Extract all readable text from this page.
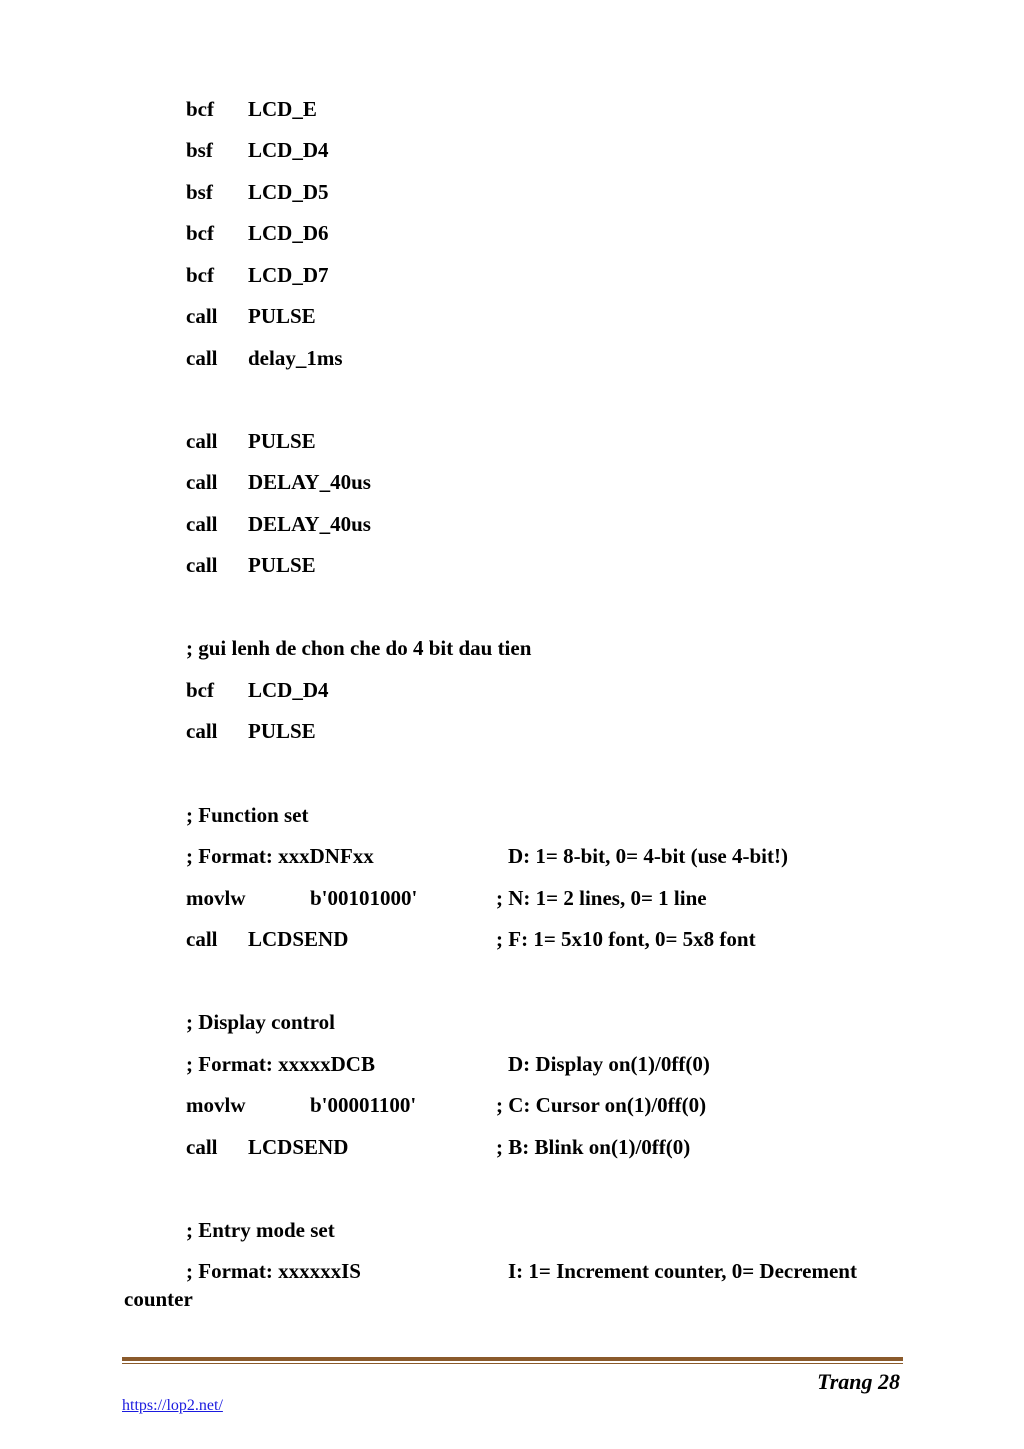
bcf LCD_E
bsf LCD_D4
bsf LCD_D5
bcf LCD_D6
bcf LCD_D7
call PULSE
call delay_1ms
call PULSE
call DELAY_40us
call DELAY_40us
call PULSE
; gui lenh de chon che do 4 bit dau tien
bcf LCD_D4
call PULSE
; Function set
; Format: xxxDNFxx	D: 1= 8-bit, 0= 4-bit (use 4-bit!)
movlw	b'00101000'	; N: 1= 2 lines, 0= 1 line
call LCDSEND	; F: 1= 5x10 font, 0= 5x8 font
; Display control
; Format: xxxxxDCB	D: Display on(1)/0ff(0)
movlw	b'00001100'	; C: Cursor on(1)/0ff(0)
call LCDSEND	; B: Blink on(1)/0ff(0)
; Entry mode set
; Format: xxxxxxIS	I: 1= Increment counter, 0= Decrement
counter
Trang 28
https://lop2.net/
